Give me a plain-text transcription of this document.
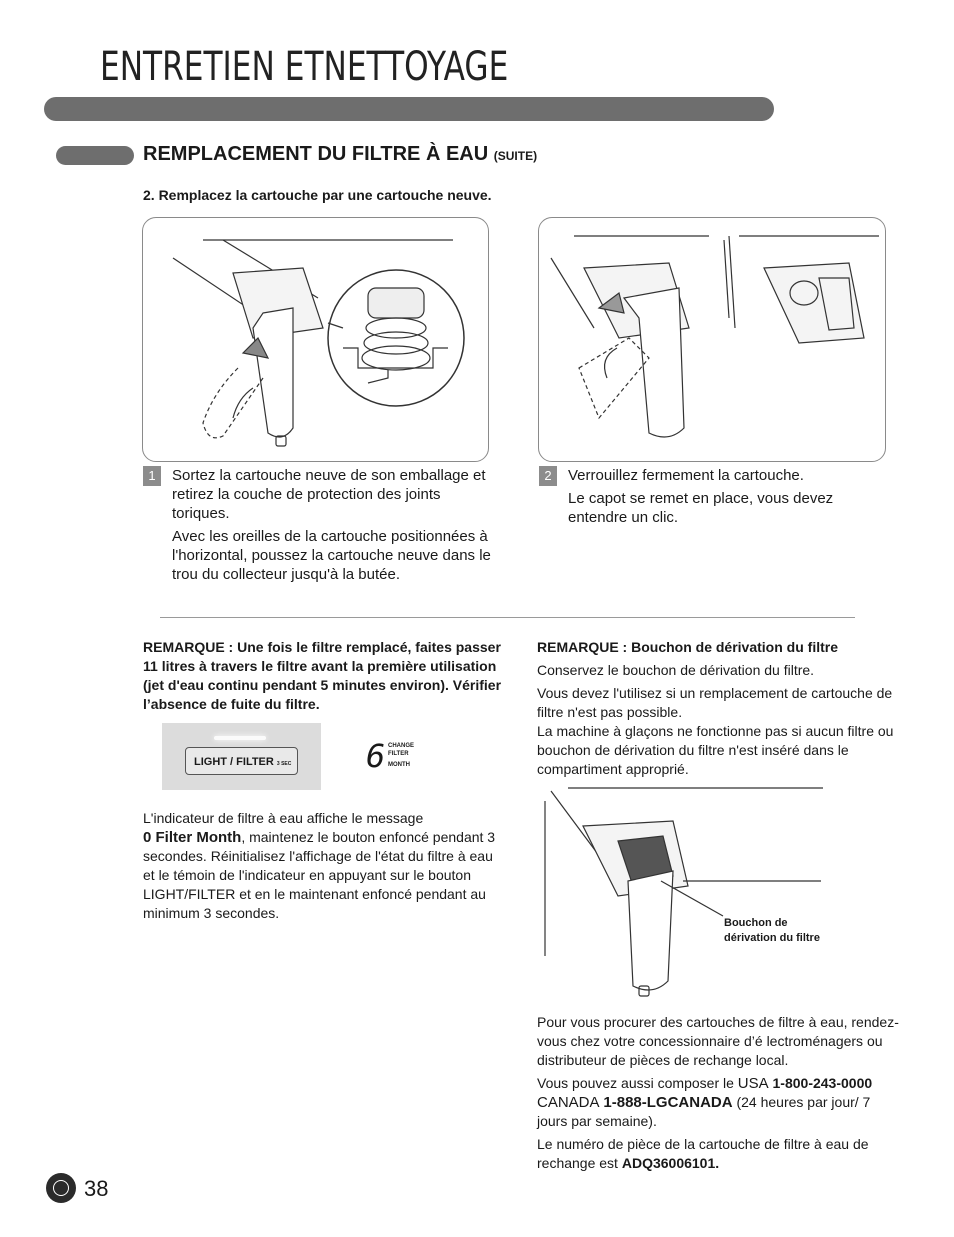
ENTRETIEN ETNETTOYAGE
REMPLACEMENT DU FILTRE À EAU (SUITE)
2. Remplacez la cartouche par une cartouche neuve.
1	Sortez la cartouche neuve de son emballage et retirez la couche de protection des joints toriques.

Avec les oreilles de la cartouche positionnées à l'horizontal, poussez la cartouche neuve dans le trou du collecteur jusqu'à la butée.

2	Verrouillez fermement la cartouche.

Le capot se remet en place, vous devez entendre un clic.

REMARQUE : Une fois le filtre remplacé, faites passer 11 litres à travers le filtre avant la première utilisation (jet d'eau continu pendant 5 minutes environ). Vérifier l’absence de fuite du filtre.
LIGHT / FILTER 3 SEC 6 CHANGE
FILTER
MONTH
L'indicateur de filtre à eau affiche le message
0 Filter Month, maintenez le bouton enfoncé pendant 3 secondes. Réinitialisez l'affichage de l'état du filtre à eau et le témoin de l'indicateur en appuyant sur le bouton LIGHT/FILTER et en le maintenant enfoncé pendant au minimum 3 secondes.

REMARQUE : Bouchon de dérivation du filtre

Conservez le bouchon de dérivation du filtre.

Vous devez l'utilisez si un remplacement de cartouche de filtre n'est pas possible.

La machine à glaçons ne fonctionne pas si aucun filtre ou bouchon de dérivation du filtre n'est inséré dans le compartiment approprié.

Bouchon de
dérivation du filtre

Pour vous procurer des cartouches de filtre à eau, rendez-vous chez votre concessionnaire d’é lectroménagers ou distributeur de pièces de rechange local.

Vous pouvez aussi composer le USA 1-800-243-0000 CANADA 1-888-LGCANADA (24 heures par jour/ 7 jours par semaine).

Le numéro de pièce de la cartouche de filtre à eau de rechange est ADQ36006101.

38
